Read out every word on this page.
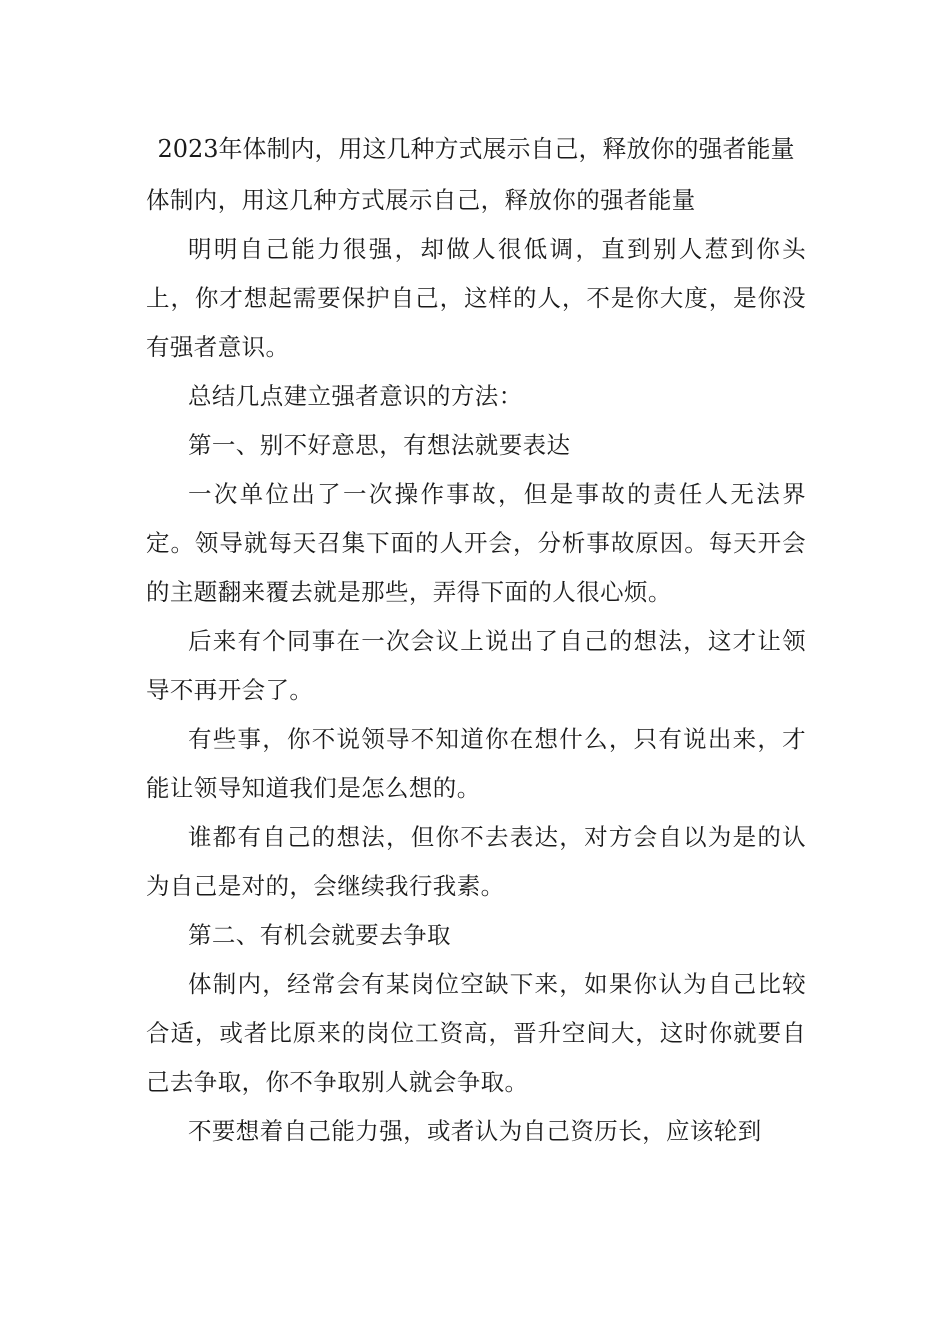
2023年体制内，用这几种方式展示自己，释放你的强者能量

体制内，用这几种方式展示自己，释放你的强者能量

明明自己能力很强，却做人很低调，直到别人惹到你头上，你才想起需要保护自己，这样的人，不是你大度，是你没有强者意识。

总结几点建立强者意识的方法：

第一、别不好意思，有想法就要表达

一次单位出了一次操作事故，但是事故的责任人无法界定。领导就每天召集下面的人开会，分析事故原因。每天开会的主题翻来覆去就是那些，弄得下面的人很心烦。

后来有个同事在一次会议上说出了自己的想法，这才让领导不再开会了。

有些事，你不说领导不知道你在想什么，只有说出来，才能让领导知道我们是怎么想的。

谁都有自己的想法，但你不去表达，对方会自以为是的认为自己是对的，会继续我行我素。

第二、有机会就要去争取

体制内，经常会有某岗位空缺下来，如果你认为自己比较合适，或者比原来的岗位工资高，晋升空间大，这时你就要自己去争取，你不争取别人就会争取。

不要想着自己能力强，或者认为自己资历长，应该轮到
